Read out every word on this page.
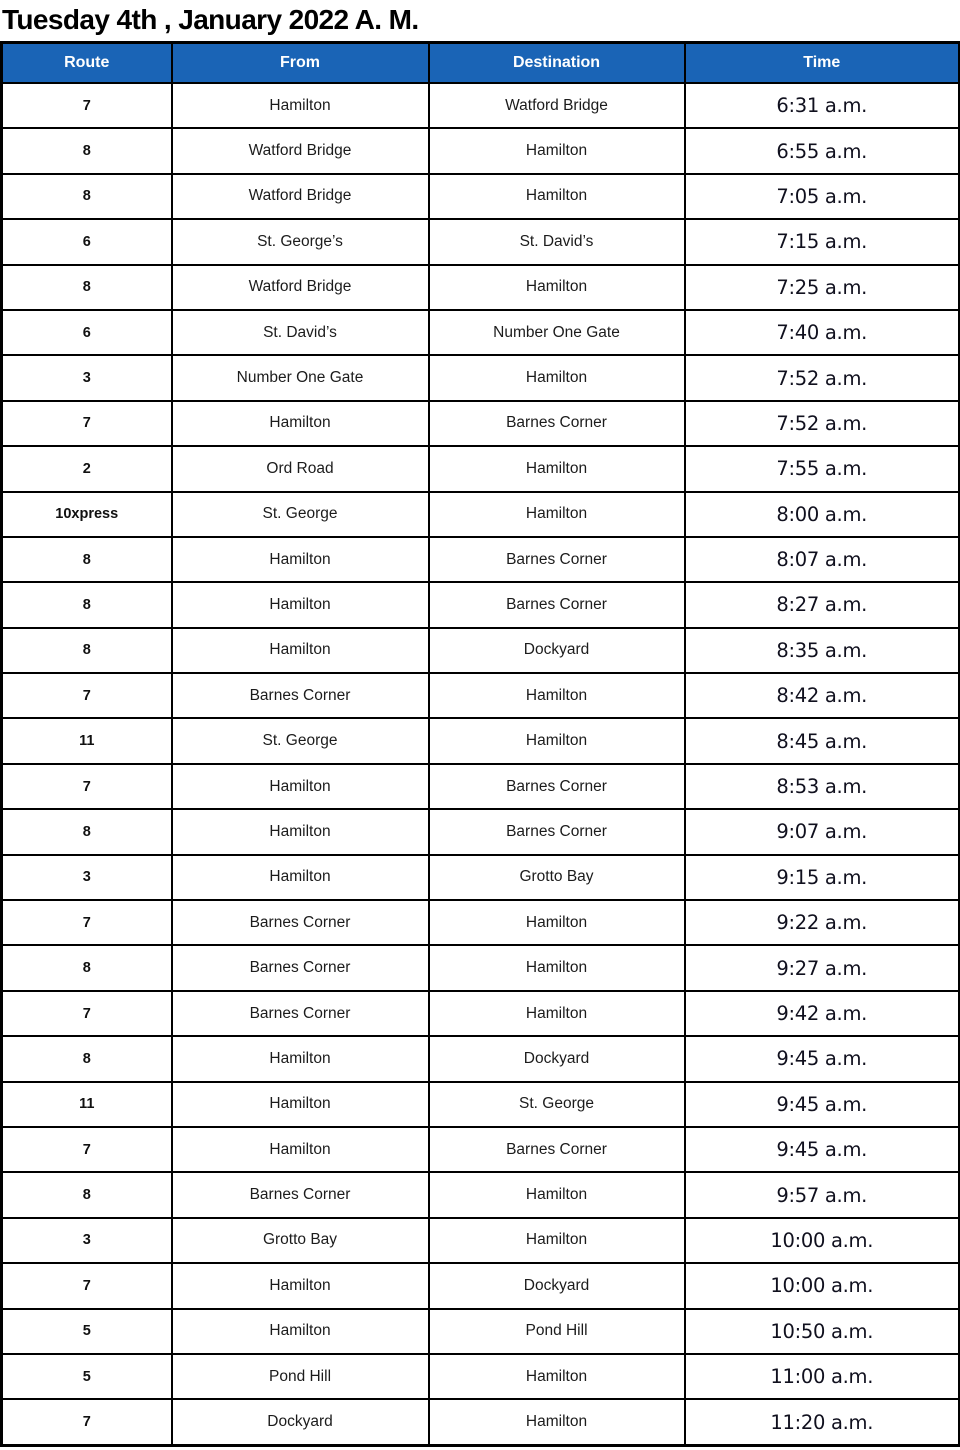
Tuesday 4th , January 2022 A. M.
Route	From	Destination	Time
7	Hamilton	Watford Bridge	6:31 a.m.
8	Watford Bridge	Hamilton	6:55 a.m.
8	Watford Bridge	Hamilton	7:05 a.m.
6	St. George’s	St. David’s	7:15 a.m.
8	Watford Bridge	Hamilton	7:25 a.m.
6	St. David’s	Number One Gate	7:40 a.m.
3	Number One Gate	Hamilton	7:52 a.m.
7	Hamilton	Barnes Corner	7:52 a.m.
2	Ord Road	Hamilton	7:55 a.m.
10xpress	St. George	Hamilton	8:00 a.m.
8	Hamilton	Barnes Corner	8:07 a.m.
8	Hamilton	Barnes Corner	8:27 a.m.
8	Hamilton	Dockyard	8:35 a.m.
7	Barnes Corner	Hamilton	8:42 a.m.
11	St. George	Hamilton	8:45 a.m.
7	Hamilton	Barnes Corner	8:53 a.m.
8	Hamilton	Barnes Corner	9:07 a.m.
3	Hamilton	Grotto Bay	9:15 a.m.
7	Barnes Corner	Hamilton	9:22 a.m.
8	Barnes Corner	Hamilton	9:27 a.m.
7	Barnes Corner	Hamilton	9:42 a.m.
8	Hamilton	Dockyard	9:45 a.m.
11	Hamilton	St. George	9:45 a.m.
7	Hamilton	Barnes Corner	9:45 a.m.
8	Barnes Corner	Hamilton	9:57 a.m.
3	Grotto Bay	Hamilton	10:00 a.m.
7	Hamilton	Dockyard	10:00 a.m.
5	Hamilton	Pond Hill	10:50 a.m.
5	Pond Hill	Hamilton	11:00 a.m.
7	Dockyard	Hamilton	11:20 a.m.
